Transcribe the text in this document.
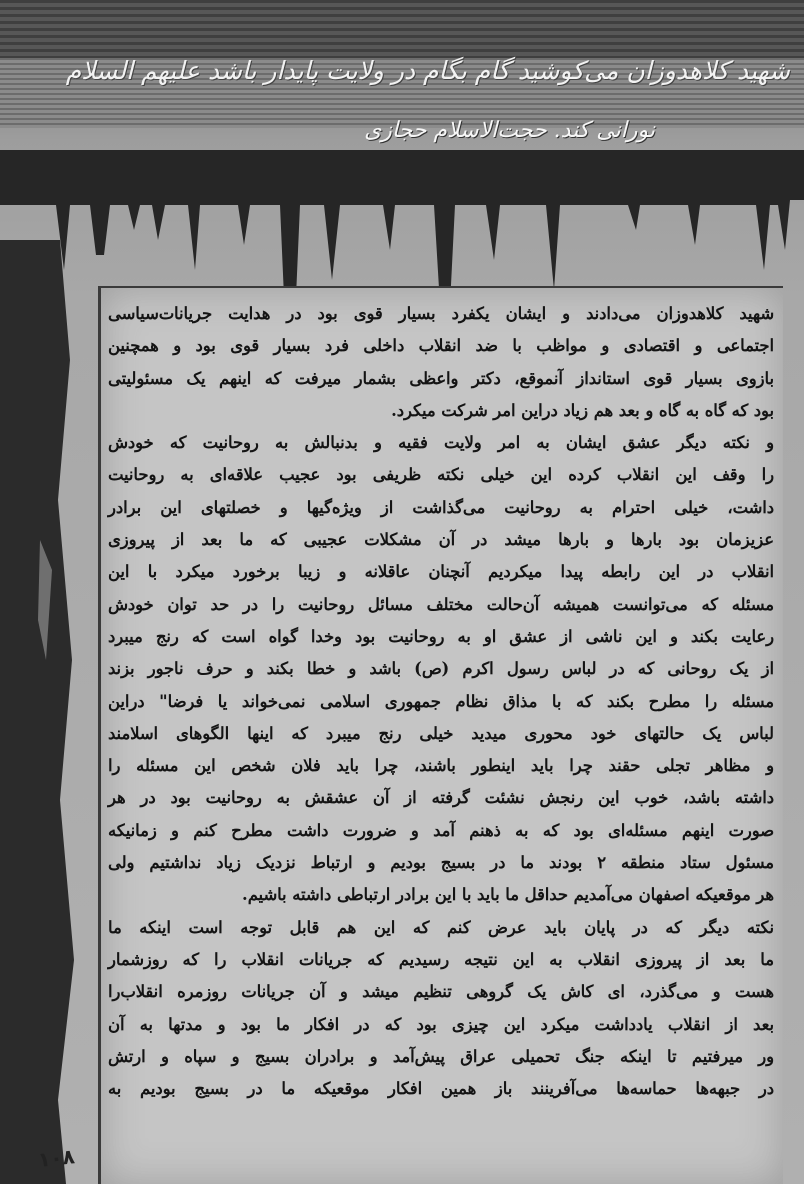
شهید کلاهدوزان می‌کوشید گام بگام در ولایت پایدار باشد علیهم السلام
نورانی کند. حجت‌الاسلام حجازی

شهید کلاهدوزان می‌دادند و ایشان یکفرد بسیار قوی بود در هدایت جریانات‌سیاسی

اجتماعی و اقتصادی و مواظب با ضد انقلاب داخلی فرد بسیار قوی بود و همچنین

بازوی بسیار قوی استانداز آنموقع، دکتر واعظی بشمار میرفت که اینهم یک مسئولیتی

بود که گاه به گاه و بعد هم زیاد دراین امر شرکت میکرد.

و نکته دیگر عشق ایشان به امر ولایت فقیه و بدنبالش به روحانیت که خودش

را وقف این انقلاب کرده این خیلی نکته ظریفی بود عجیب علاقه‌ای به روحانیت

داشت، خیلی احترام به روحانیت می‌گذاشت از ویژه‌گیها و خصلتهای این برادر

عزیزمان بود بارها و بارها میشد در آن مشکلات عجیبی که ما بعد از پیروزی

انقلاب در این رابطه پیدا میکردیم آنچنان عاقلانه و زیبا برخورد میکرد با این

مسئله که می‌توانست همیشه آن‌حالت مختلف مسائل روحانیت را در حد توان خودش

رعایت بکند و این ناشی از عشق او به روحانیت بود وخدا گواه است که رنج میبرد

از یک روحانی که در لباس رسول اکرم (ص) باشد و خطا بکند و حرف ناجور بزند

مسئله را مطرح بکند که با مذاق نظام جمهوری اسلامی نمی‌خواند یا فرضا" دراین

لباس یک حالتهای خود محوری میدید خیلی رنج میبرد که اینها الگوهای اسلامند

و مظاهر تجلی حقند چرا باید اینطور باشند، چرا باید فلان شخص این مسئله را

داشته باشد، خوب این رنجش نشئت گرفته از آن عشقش به روحانیت بود در هر

صورت اینهم مسئله‌ای بود که به ذهنم آمد و ضرورت داشت مطرح کنم و زمانیکه

مسئول ستاد منطقه ۲ بودند ما در بسیج بودیم و ارتباط نزدیک زیاد نداشتیم ولی

هر موقعیکه اصفهان می‌آمدیم حداقل ما باید با این برادر ارتباطی داشته باشیم.

نکته دیگر که در پایان باید عرض کنم که این هم قابل توجه است اینکه ما

ما بعد از پیروزی انقلاب به این نتیجه رسیدیم که جریانات انقلاب را که روزشمار

هست و می‌گذرد، ای کاش یک گروهی تنظیم میشد و آن جریانات روزمره انقلاب‌را

بعد از انقلاب یادداشت میکرد این چیزی بود که در افکار ما بود و مدتها به آن

ور میرفتیم تا اینکه جنگ تحمیلی عراق پیش‌آمد و برادران بسیج و سپاه و ارتش

در جبهه‌ها حماسه‌ها می‌آفرینند باز همین افکار موقعیکه ما در بسیج بودیم به

۱۰۸
